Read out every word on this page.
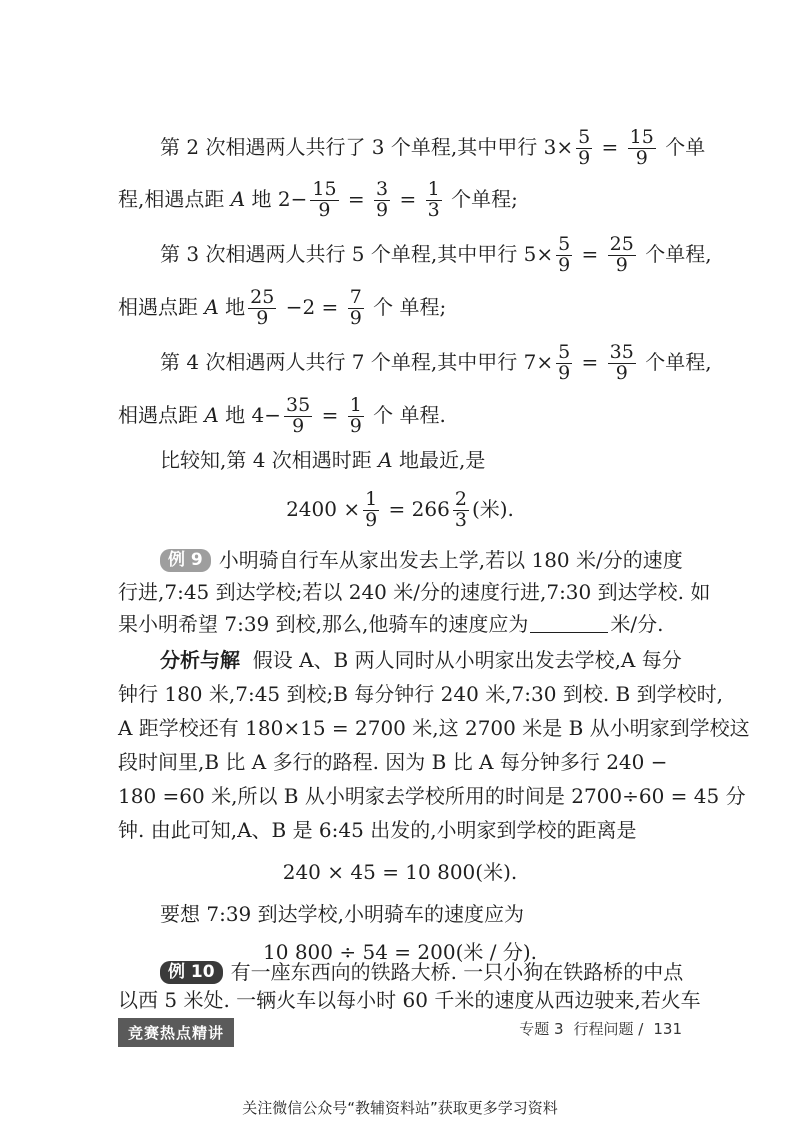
第 2 次相遇两人共行了 3 个单程,其中甲行 $3\times \frac{5}{9} = \frac{15}{9}$ 个单
程,相遇点距 A 地 $2- \frac{15}{9} = \frac{3}{9} = \frac{1}{3}$ 个单程;
第 3 次相遇两人共行 5 个单程,其中甲行 $5\times \frac{5}{9} = \frac{25}{9}$ 个单程,
相遇点距 A 地 $\frac{25}{9} -2 = \frac{7}{9}$ 个 单程;
第 4 次相遇两人共行 7 个单程,其中甲行 $7\times \frac{5}{9} = \frac{35}{9}$ 个单程,
相遇点距 A 地 $4- \frac{35}{9} = \frac{1}{9}$ 个 单程.
比较知,第 4 次相遇时距 A 地最近,是
$2400 \times \frac{1}{9} = 266 \frac{2}{3}$ (米).
例 9 小明骑自行车从家出发去上学,若以 180 米/分的速度
行进,7:45 到达学校;若以 240 米/分的速度行进,7:30 到达学校. 如
果小明希望 7:39 到校,那么,他骑车的速度应为	米/分.
分析与解 假设 A、B 两人同时从小明家出发去学校,A 每分
钟行 180 米,7:45 到校;B 每分钟行 240 米,7:30 到校. B 到学校时,
A 距学校还有 180×15 = 2700 米,这 2700 米是 B 从小明家到学校这
段时间里,B 比 A 多行的路程. 因为 B 比 A 每分钟多行 240 −
180 =60 米,所以 B 从小明家去学校所用的时间是 2700÷60 = 45 分
钟. 由此可知,A、B 是 6:45 出发的,小明家到学校的距离是
240 × 45 = 10 800(米).
要想 7:39 到达学校,小明骑车的速度应为
10 800 ÷ 54 = 200(米 / 分).
例 10 有一座东西向的铁路大桥. 一只小狗在铁路桥的中点
以西 5 米处. 一辆火车以每小时 60 千米的速度从西边驶来,若火车
竞赛热点精讲	专题 3 行程问题 / 131
关注微信公众号“教辅资料站”获取更多学习资料
